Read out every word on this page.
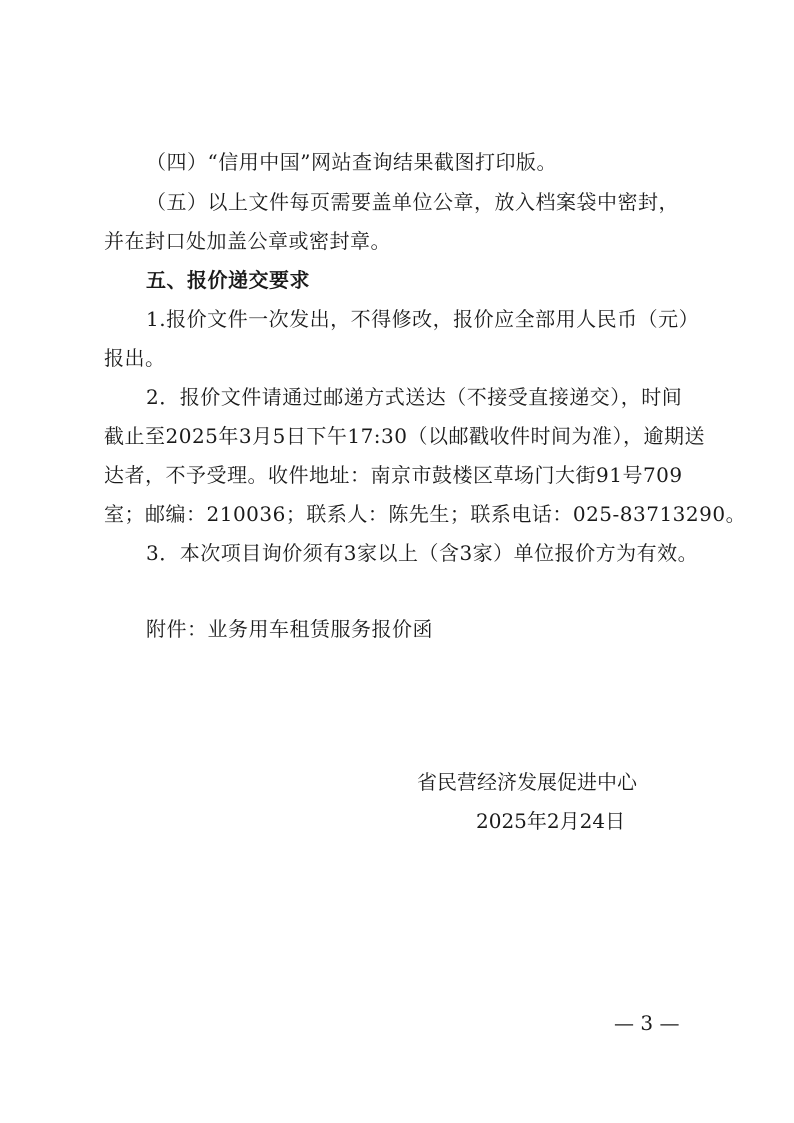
（四）“信用中国”网站查询结果截图打印版。
（五）以上文件每页需要盖单位公章，放入档案袋中密封，
并在封口处加盖公章或密封章。
五、报价递交要求
1.报价文件一次发出，不得修改，报价应全部用人民币（元）
报出。
2．报价文件请通过邮递方式送达（不接受直接递交），时间
截止至2025年3月5日下午17:30（以邮戳收件时间为准），逾期送
达者，不予受理。收件地址：南京市鼓楼区草场门大街91号709
室；邮编：210036；联系人：陈先生；联系电话：025-83713290。
3．本次项目询价须有3家以上（含3家）单位报价方为有效。
附件：业务用车租赁服务报价函
省民营经济发展促进中心
2025年2月24日
— 3 —
